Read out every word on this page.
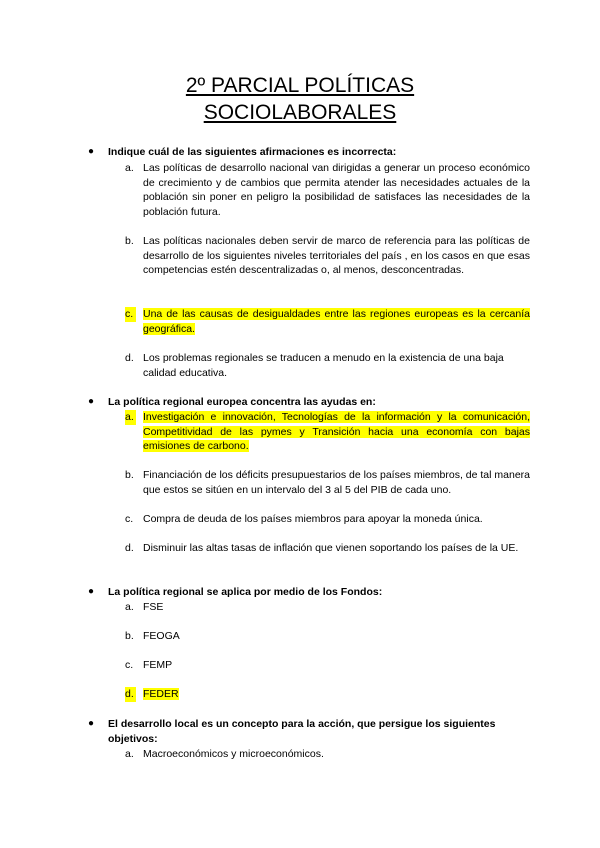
2º PARCIAL POLÍTICAS
SOCIOLABORALES
● Indique cuál de las siguientes afirmaciones es incorrecta:
a. Las políticas de desarrollo nacional van dirigidas a generar un proceso económico de crecimiento y de cambios que permita atender las necesidades actuales de la población sin poner en peligro la posibilidad de satisfaces las necesidades de la población futura.
b. Las políticas nacionales deben servir de marco de referencia para las políticas de desarrollo de los siguientes niveles territoriales del país , en los casos en que esas competencias estén descentralizadas o, al menos, desconcentradas.
c. Una de las causas de desigualdades entre las regiones europeas es la cercanía geográfica.
d. Los problemas regionales se traducen a menudo en la existencia de una baja calidad educativa.
● La política regional europea concentra las ayudas en:
a. Investigación e innovación, Tecnologías de la información y la comunicación, Competitividad de las pymes y Transición hacia una economía con bajas emisiones de carbono.
b. Financiación de los déficits presupuestarios de los países miembros, de tal manera que estos se sitúen en un intervalo del 3 al 5 del PIB de cada uno.
c. Compra de deuda de los países miembros para apoyar la moneda única.
d. Disminuir las altas tasas de inflación que vienen soportando los países de la UE.
● La política regional se aplica por medio de los Fondos:
a. FSE
b. FEOGA
c. FEMP
d. FEDER
● El desarrollo local es un concepto para la acción, que persigue los siguientes objetivos:
a. Macroeconómicos y microeconómicos.
